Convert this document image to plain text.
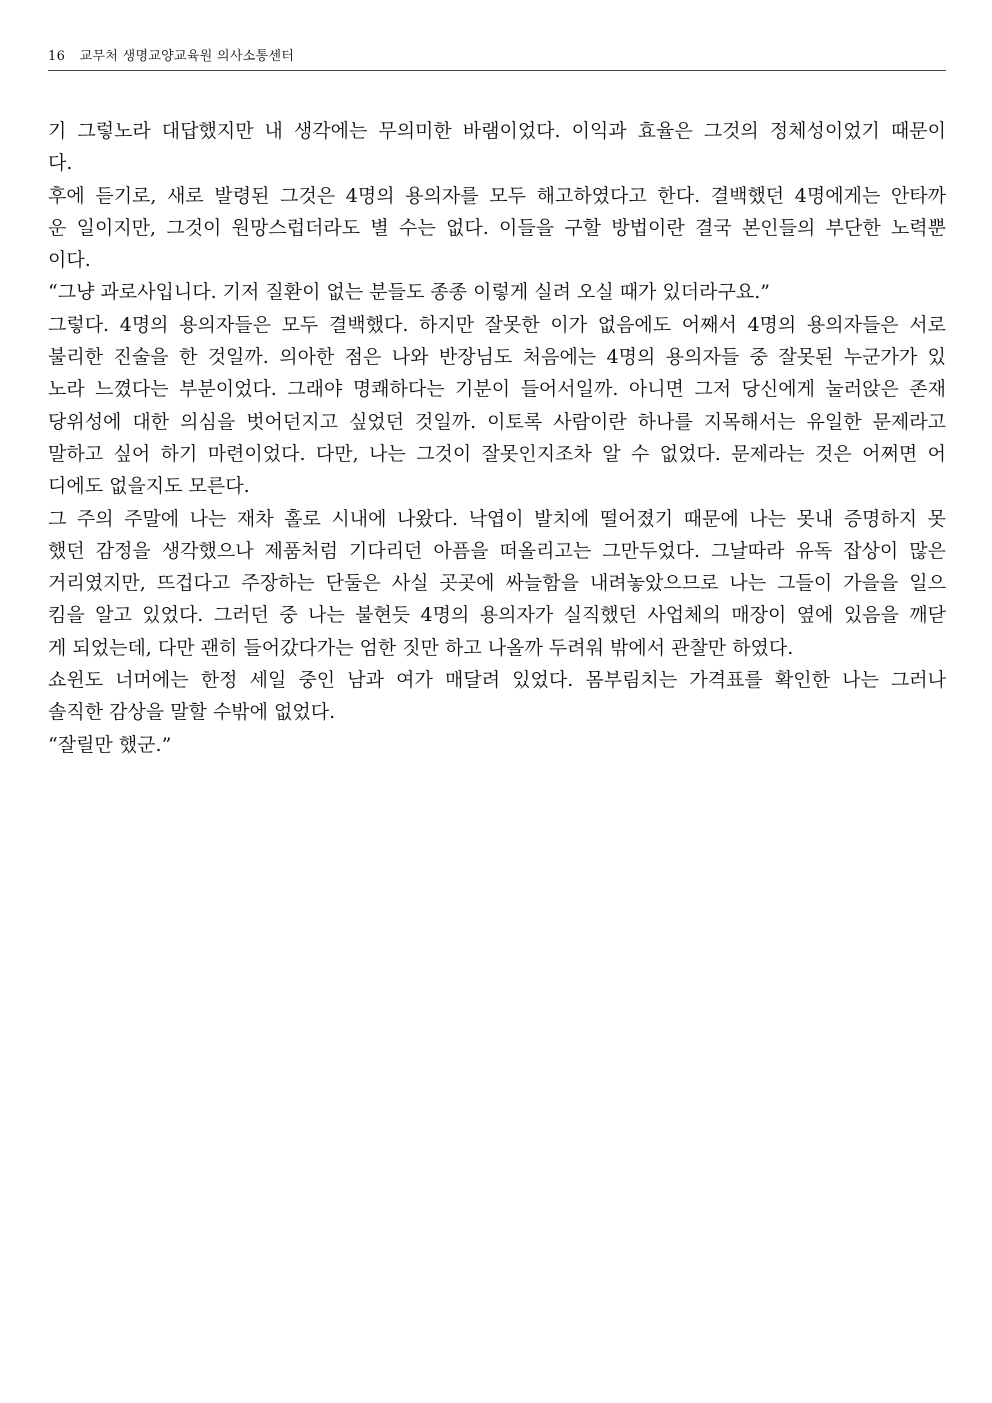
16 교무처 생명교양교육원 의사소통센터
기 그렇노라 대답했지만 내 생각에는 무의미한 바램이었다. 이익과 효율은 그것의 정체성이었기 때문이
다.
후에 듣기로, 새로 발령된 그것은 4명의 용의자를 모두 해고하였다고 한다. 결백했던 4명에게는 안타까
운 일이지만, 그것이 원망스럽더라도 별 수는 없다. 이들을 구할 방법이란 결국 본인들의 부단한 노력뿐
이다.
“그냥 과로사입니다. 기저 질환이 없는 분들도 종종 이렇게 실려 오실 때가 있더라구요.”
그렇다. 4명의 용의자들은 모두 결백했다. 하지만 잘못한 이가 없음에도 어째서 4명의 용의자들은 서로
불리한 진술을 한 것일까. 의아한 점은 나와 반장님도 처음에는 4명의 용의자들 중 잘못된 누군가가 있
노라 느꼈다는 부분이었다. 그래야 명쾌하다는 기분이 들어서일까. 아니면 그저 당신에게 눌러앉은 존재
당위성에 대한 의심을 벗어던지고 싶었던 것일까. 이토록 사람이란 하나를 지목해서는 유일한 문제라고
말하고 싶어 하기 마련이었다. 다만, 나는 그것이 잘못인지조차 알 수 없었다. 문제라는 것은 어쩌면 어
디에도 없을지도 모른다.
그 주의 주말에 나는 재차 홀로 시내에 나왔다. 낙엽이 발치에 떨어졌기 때문에 나는 못내 증명하지 못
했던 감정을 생각했으나 제품처럼 기다리던 아픔을 떠올리고는 그만두었다. 그날따라 유독 잡상이 많은
거리였지만, 뜨겁다고 주장하는 단둘은 사실 곳곳에 싸늘함을 내려놓았으므로 나는 그들이 가을을 일으
킴을 알고 있었다. 그러던 중 나는 불현듯 4명의 용의자가 실직했던 사업체의 매장이 옆에 있음을 깨닫
게 되었는데, 다만 괜히 들어갔다가는 엄한 짓만 하고 나올까 두려워 밖에서 관찰만 하였다.
쇼윈도 너머에는 한정 세일 중인 남과 여가 매달려 있었다. 몸부림치는 가격표를 확인한 나는 그러나
솔직한 감상을 말할 수밖에 없었다.
“잘릴만 했군.”
